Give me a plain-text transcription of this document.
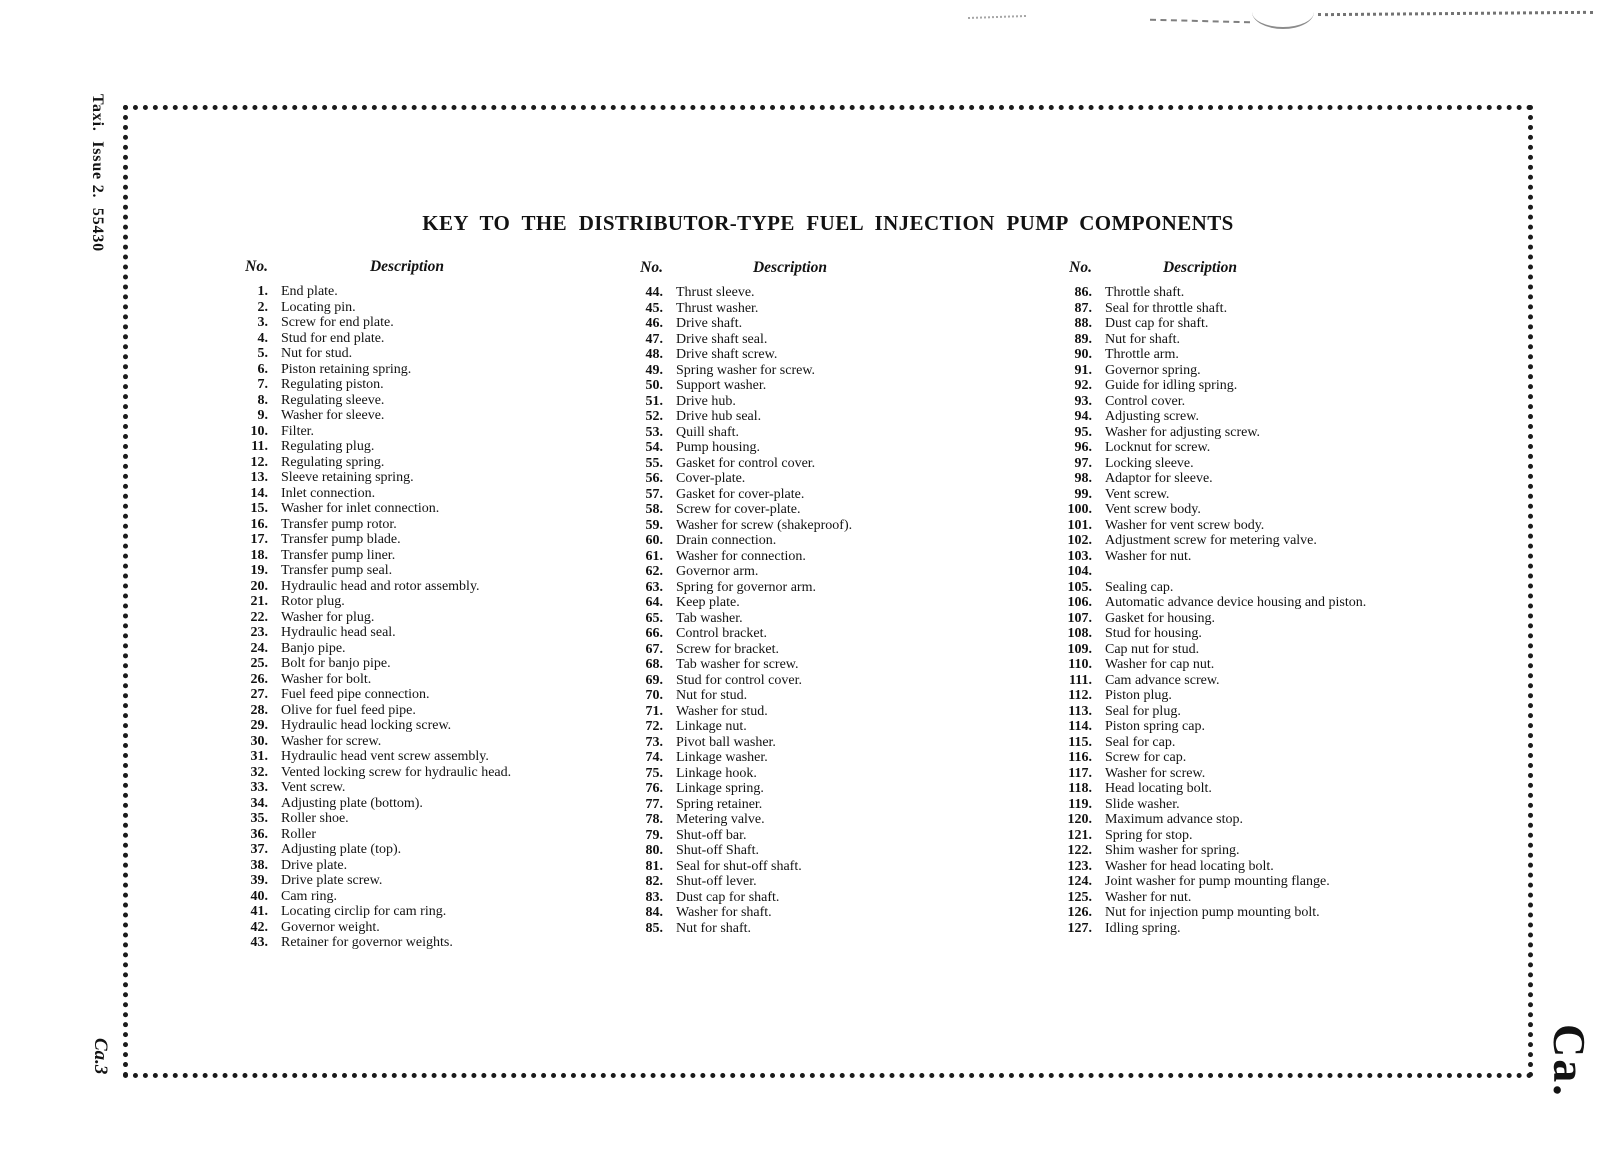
Taxi.  Issue 2.  55430
Ca.3	Ca.
KEY TO THE DISTRIBUTOR-TYPE FUEL INJECTION PUMP COMPONENTS
No.	Description
1. End plate.
2. Locating pin.
3. Screw for end plate.
4. Stud for end plate.
5. Nut for stud.
6. Piston retaining spring.
7. Regulating piston.
8. Regulating sleeve.
9. Washer for sleeve.
10. Filter.
11. Regulating plug.
12. Regulating spring.
13. Sleeve retaining spring.
14. Inlet connection.
15. Washer for inlet connection.
16. Transfer pump rotor.
17. Transfer pump blade.
18. Transfer pump liner.
19. Transfer pump seal.
20. Hydraulic head and rotor assembly.
21. Rotor plug.
22. Washer for plug.
23. Hydraulic head seal.
24. Banjo pipe.
25. Bolt for banjo pipe.
26. Washer for bolt.
27. Fuel feed pipe connection.
28. Olive for fuel feed pipe.
29. Hydraulic head locking screw.
30. Washer for screw.
31. Hydraulic head vent screw assembly.
32. Vented locking screw for hydraulic head.
33. Vent screw.
34. Adjusting plate (bottom).
35. Roller shoe.
36. Roller
37. Adjusting plate (top).
38. Drive plate.
39. Drive plate screw.
40. Cam ring.
41. Locating circlip for cam ring.
42. Governor weight.
43. Retainer for governor weights.
No.	Description
44. Thrust sleeve.
45. Thrust washer.
46. Drive shaft.
47. Drive shaft seal.
48. Drive shaft screw.
49. Spring washer for screw.
50. Support washer.
51. Drive hub.
52. Drive hub seal.
53. Quill shaft.
54. Pump housing.
55. Gasket for control cover.
56. Cover-plate.
57. Gasket for cover-plate.
58. Screw for cover-plate.
59. Washer for screw (shakeproof).
60. Drain connection.
61. Washer for connection.
62. Governor arm.
63. Spring for governor arm.
64. Keep plate.
65. Tab washer.
66. Control bracket.
67. Screw for bracket.
68. Tab washer for screw.
69. Stud for control cover.
70. Nut for stud.
71. Washer for stud.
72. Linkage nut.
73. Pivot ball washer.
74. Linkage washer.
75. Linkage hook.
76. Linkage spring.
77. Spring retainer.
78. Metering valve.
79. Shut-off bar.
80. Shut-off Shaft.
81. Seal for shut-off shaft.
82. Shut-off lever.
83. Dust cap for shaft.
84. Washer for shaft.
85. Nut for shaft.
No.	Description
86. Throttle shaft.
87. Seal for throttle shaft.
88. Dust cap for shaft.
89. Nut for shaft.
90. Throttle arm.
91. Governor spring.
92. Guide for idling spring.
93. Control cover.
94. Adjusting screw.
95. Washer for adjusting screw.
96. Locknut for screw.
97. Locking sleeve.
98. Adaptor for sleeve.
99. Vent screw.
100. Vent screw body.
101. Washer for vent screw body.
102. Adjustment screw for metering valve.
103. Washer for nut.
104.
105. Sealing cap.
106. Automatic advance device housing and piston.
107. Gasket for housing.
108. Stud for housing.
109. Cap nut for stud.
110. Washer for cap nut.
111. Cam advance screw.
112. Piston plug.
113. Seal for plug.
114. Piston spring cap.
115. Seal for cap.
116. Screw for cap.
117. Washer for screw.
118. Head locating bolt.
119. Slide washer.
120. Maximum advance stop.
121. Spring for stop.
122. Shim washer for spring.
123. Washer for head locating bolt.
124. Joint washer for pump mounting flange.
125. Washer for nut.
126. Nut for injection pump mounting bolt.
127. Idling spring.
